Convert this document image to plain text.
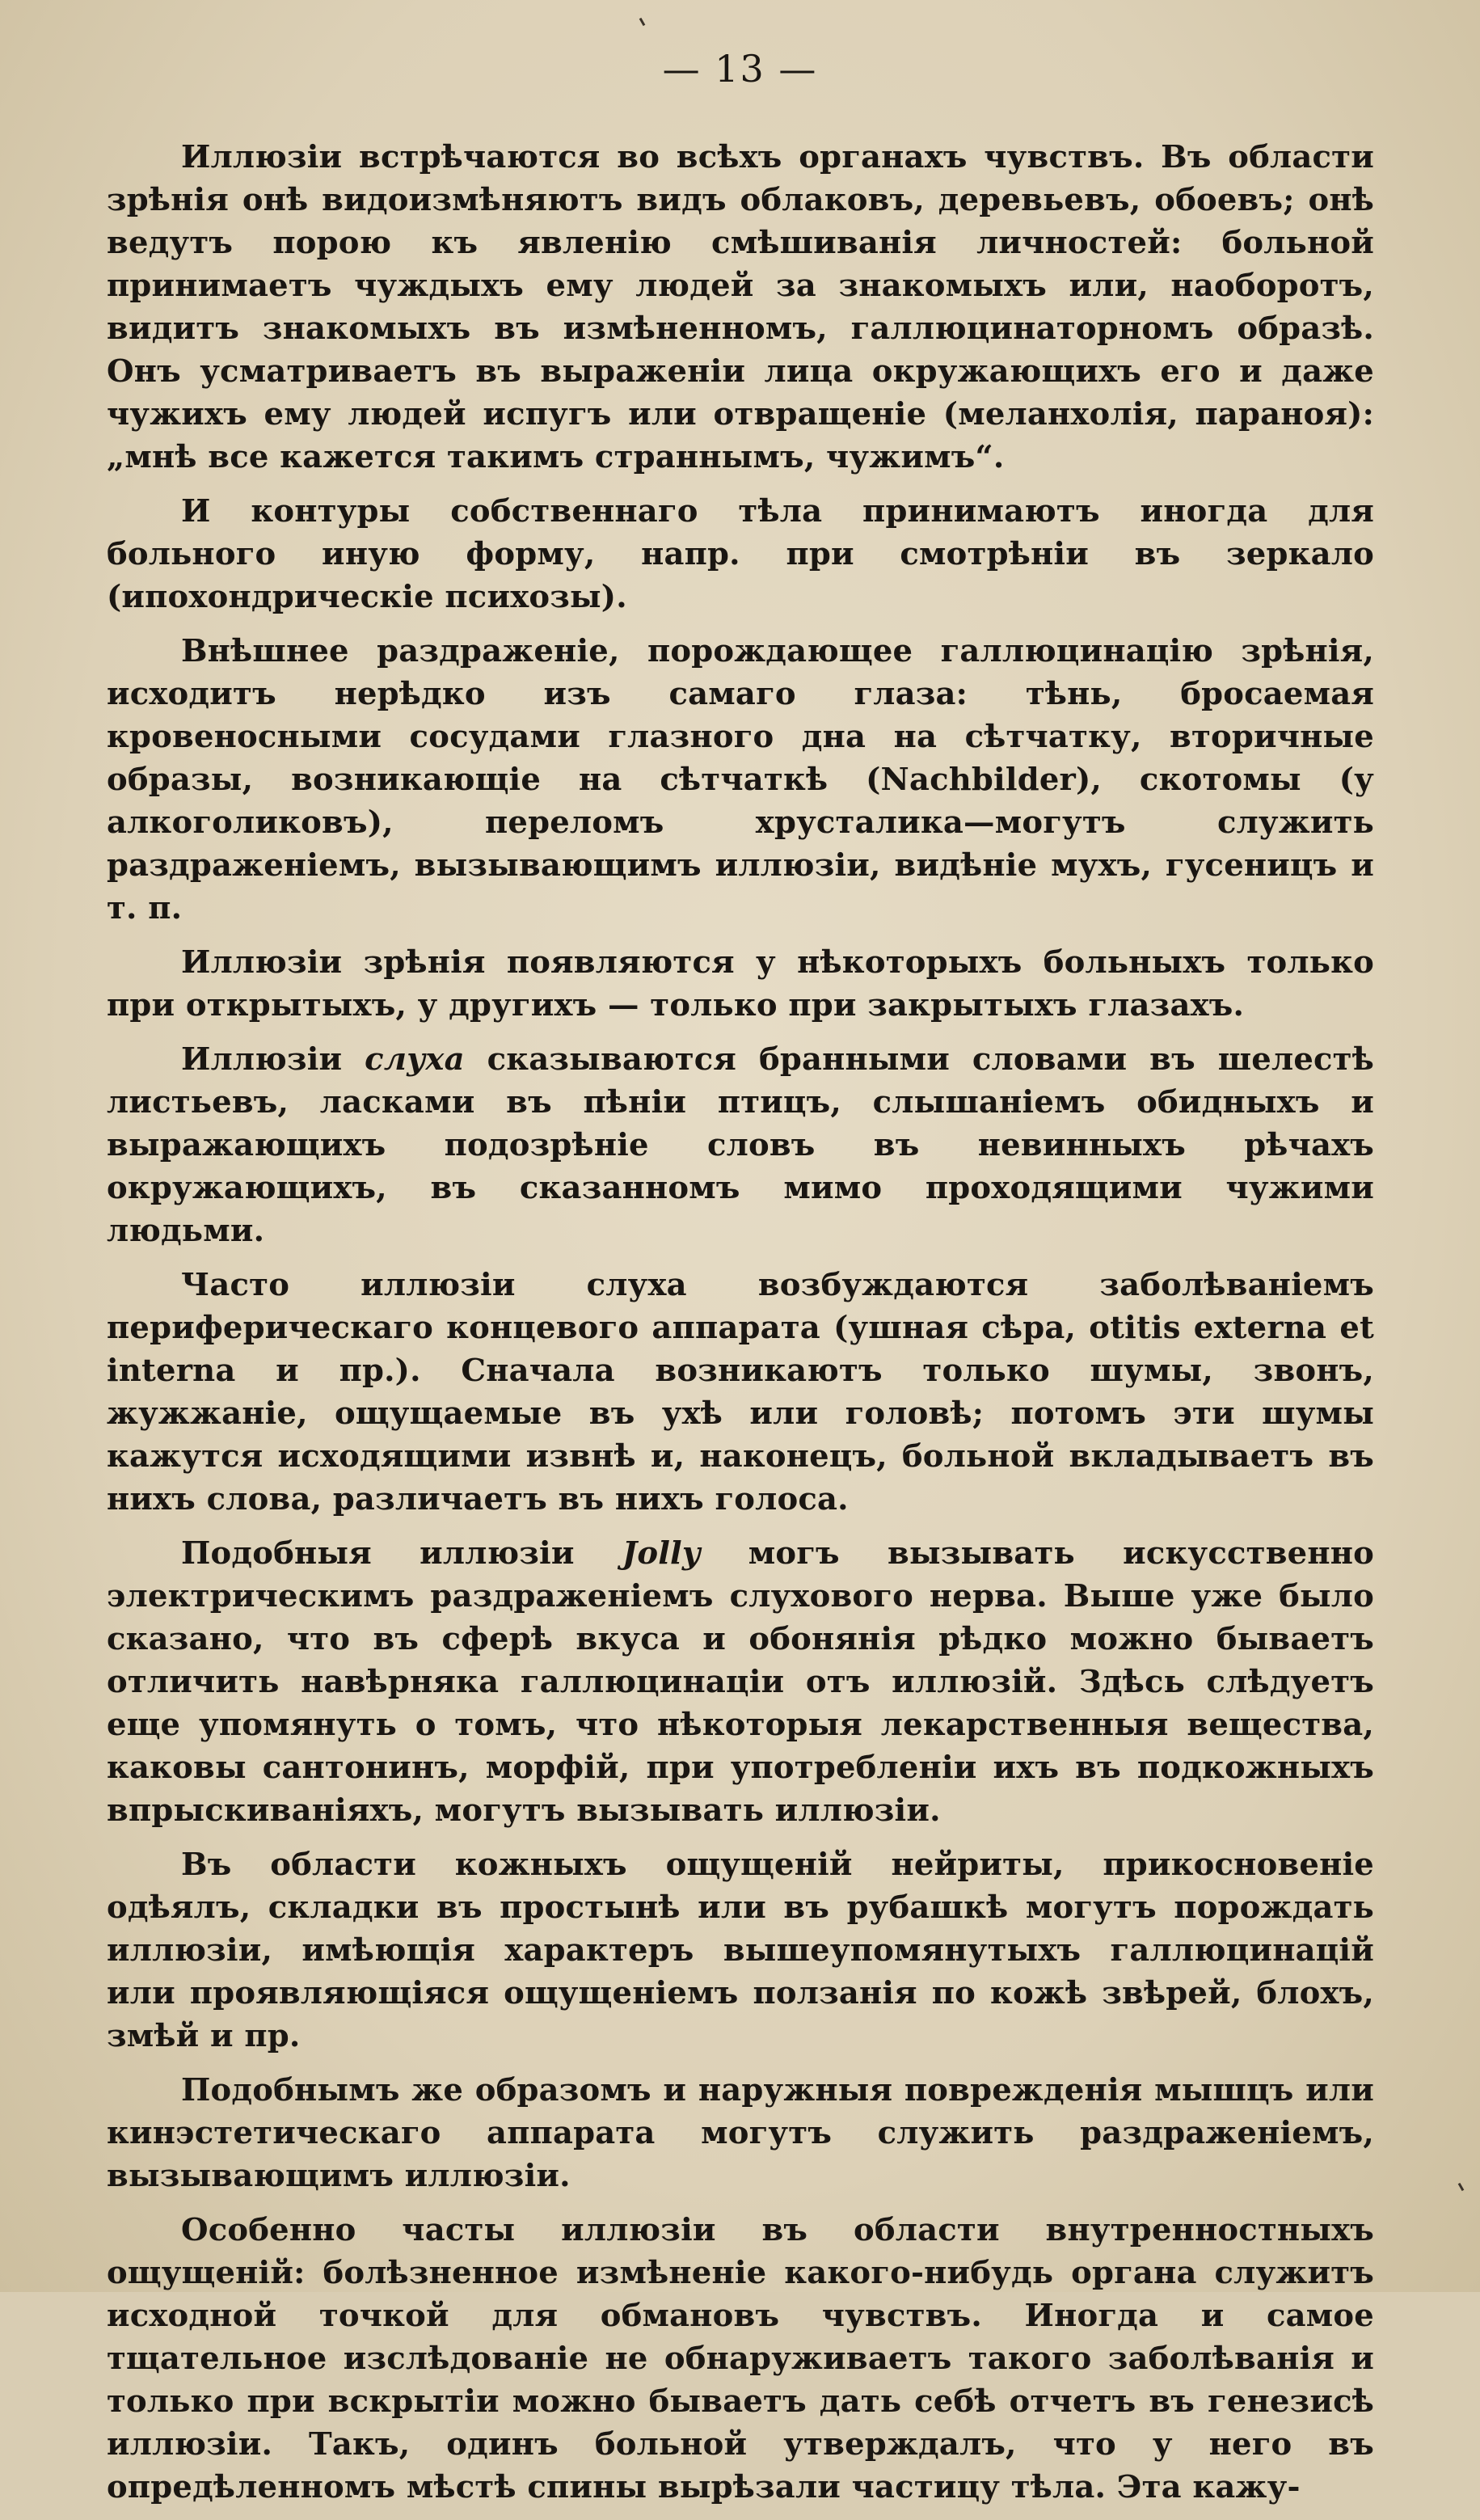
— 13 —

Иллюзіи встрѣчаются во всѣхъ органахъ чувствъ. Въ области зрѣнія онѣ видоизмѣняютъ видъ облаковъ, деревьевъ, обоевъ; онѣ ведутъ порою къ явленію смѣшиванія личностей: больной принимаетъ чуждыхъ ему людей за знакомыхъ или, наоборотъ, видитъ знакомыхъ въ измѣненномъ, галлюцинаторномъ образѣ. Онъ усматриваетъ въ выраженіи лица окружающихъ его и даже чужихъ ему людей испугъ или отвращеніе (меланхолія, параноя): „мнѣ все кажется такимъ страннымъ, чужимъ“.

И контуры собственнаго тѣла принимаютъ иногда для больного иную форму, напр. при смотрѣніи въ зеркало (ипохондрическіе психозы).

Внѣшнее раздраженіе, порождающее галлюцинацію зрѣнія, исходитъ нерѣдко изъ самаго глаза: тѣнь, бросаемая кровеносными сосудами глазного дна на сѣтчатку, вторичные образы, возникающіе на сѣтчаткѣ (Nachbilder), скотомы (у алкоголиковъ), переломъ хрусталика—могутъ служить раздраженіемъ, вызывающимъ иллюзіи, видѣніе мухъ, гусеницъ и т. п.

Иллюзіи зрѣнія появляются у нѣкоторыхъ больныхъ только при открытыхъ, у другихъ — только при закрытыхъ глазахъ.

Иллюзіи слуха сказываются бранными словами въ шелестѣ листьевъ, ласками въ пѣніи птицъ, слышаніемъ обидныхъ и выражающихъ подозрѣніе словъ въ невинныхъ рѣчахъ окружающихъ, въ сказанномъ мимо проходящими чужими людьми.

Часто иллюзіи слуха возбуждаются заболѣваніемъ периферическаго концевого аппарата (ушная сѣра, otitis externa et interna и пр.). Сначала возникаютъ только шумы, звонъ, жужжаніе, ощущаемые въ ухѣ или головѣ; потомъ эти шумы кажутся исходящими извнѣ и, наконецъ, больной вкладываетъ въ нихъ слова, различаетъ въ нихъ голоса.

Подобныя иллюзіи Jolly могъ вызывать искусственно электрическимъ раздраженіемъ слухового нерва. Выше уже было сказано, что въ сферѣ вкуса и обонянія рѣдко можно бываетъ отличить навѣрняка галлюцинаціи отъ иллюзій. Здѣсь слѣдуетъ еще упомянуть о томъ, что нѣкоторыя лекарственныя вещества, каковы сантонинъ, морфій, при употребленіи ихъ въ подкожныхъ впрыскиваніяхъ, могутъ вызывать иллюзіи.

Въ области кожныхъ ощущеній нейриты, прикосновеніе одѣялъ, складки въ простынѣ или въ рубашкѣ могутъ порождать иллюзіи, имѣющія характеръ вышеупомянутыхъ галлюцинацій или проявляющіяся ощущеніемъ ползанія по кожѣ звѣрей, блохъ, змѣй и пр.

Подобнымъ же образомъ и наружныя поврежденія мышцъ или кинэстетическаго аппарата могутъ служить раздраженіемъ, вызывающимъ иллюзіи.

Особенно часты иллюзіи въ области внутренностныхъ ощущеній: болѣзненное измѣненіе какого-нибудь органа служитъ исходной точкой для обмановъ чувствъ. Иногда и самое тщательное изслѣдованіе не обнаруживаетъ такого заболѣванія и только при вскрытіи можно бываетъ дать себѣ отчетъ въ генезисѣ иллюзіи. Такъ, одинъ больной утверждалъ, что у него въ опредѣленномъ мѣстѣ спины вырѣзали частицу тѣла. Эта кажу-
